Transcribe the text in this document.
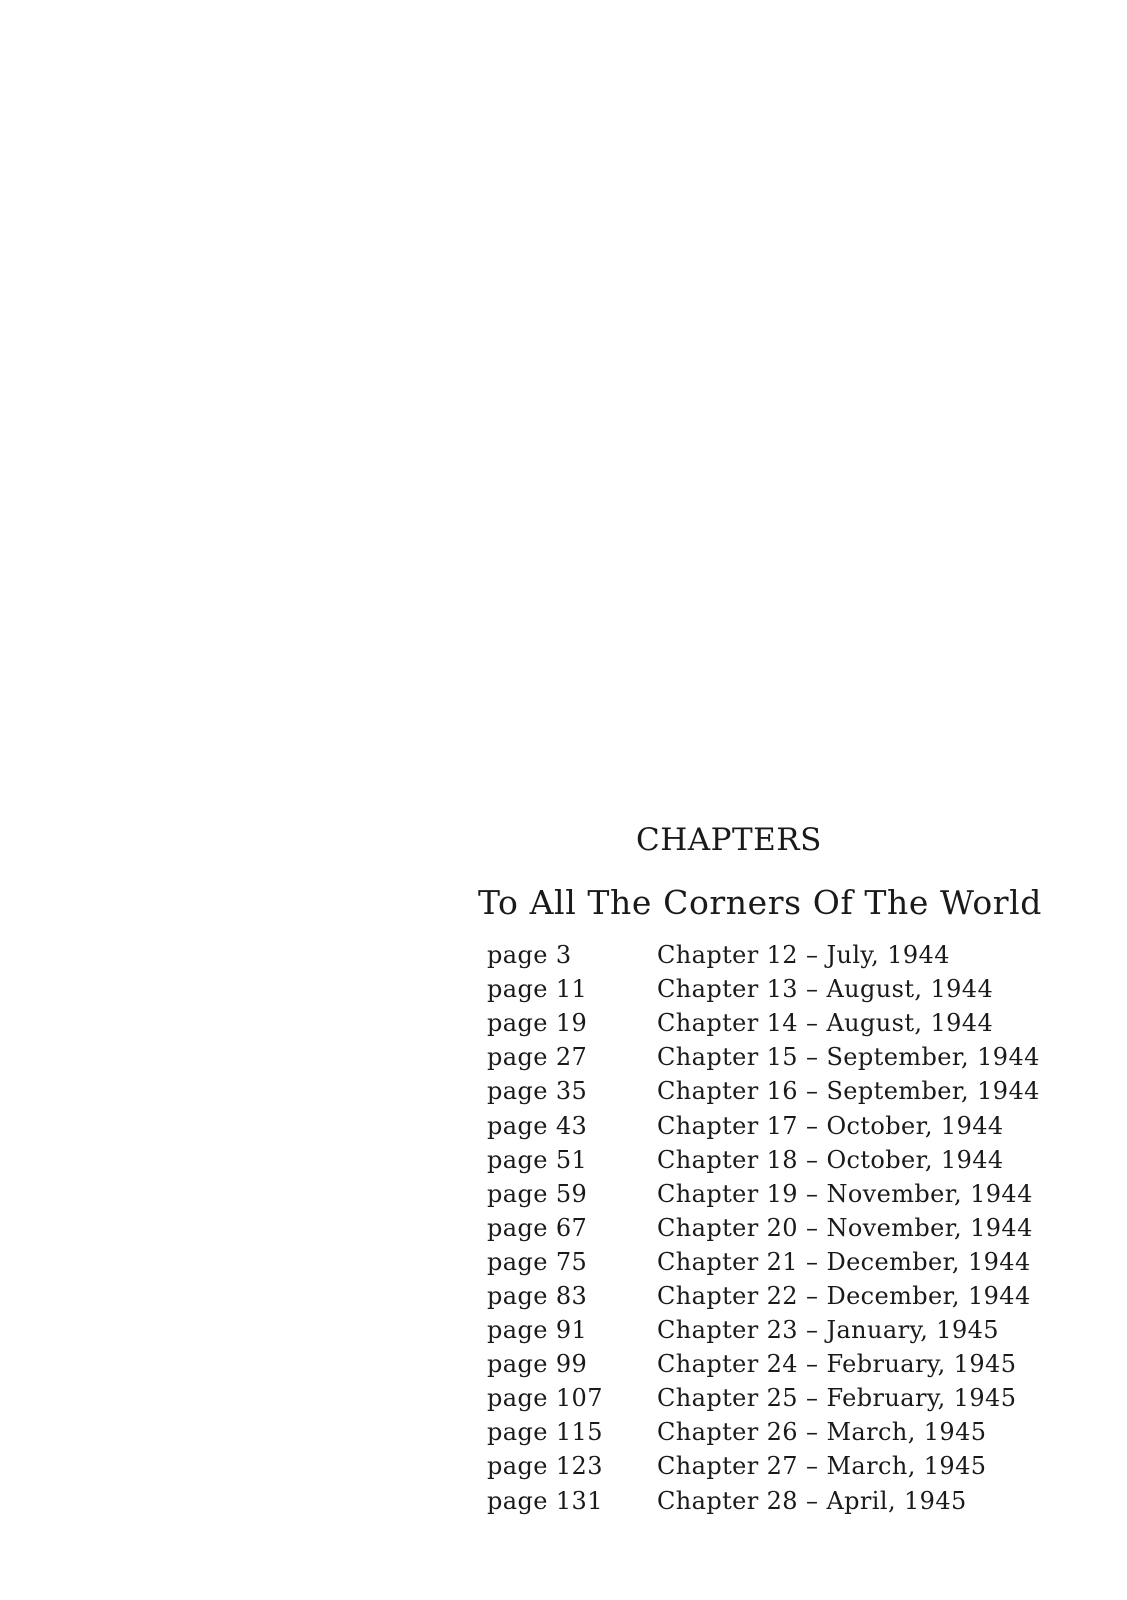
CHAPTERS
To All The Corners Of The World
page 3	Chapter 12 – July, 1944
page 11	Chapter 13 – August, 1944
page 19	Chapter 14 – August, 1944
page 27	Chapter 15 – September, 1944
page 35	Chapter 16 – September, 1944
page 43	Chapter 17 – October, 1944
page 51	Chapter 18 – October, 1944
page 59	Chapter 19 – November, 1944
page 67	Chapter 20 – November, 1944
page 75	Chapter 21 – December, 1944
page 83	Chapter 22 – December, 1944
page 91	Chapter 23 – January, 1945
page 99	Chapter 24 – February, 1945
page 107	Chapter 25 – February, 1945
page 115	Chapter 26 – March, 1945
page 123	Chapter 27 – March, 1945
page 131	Chapter 28 – April, 1945
